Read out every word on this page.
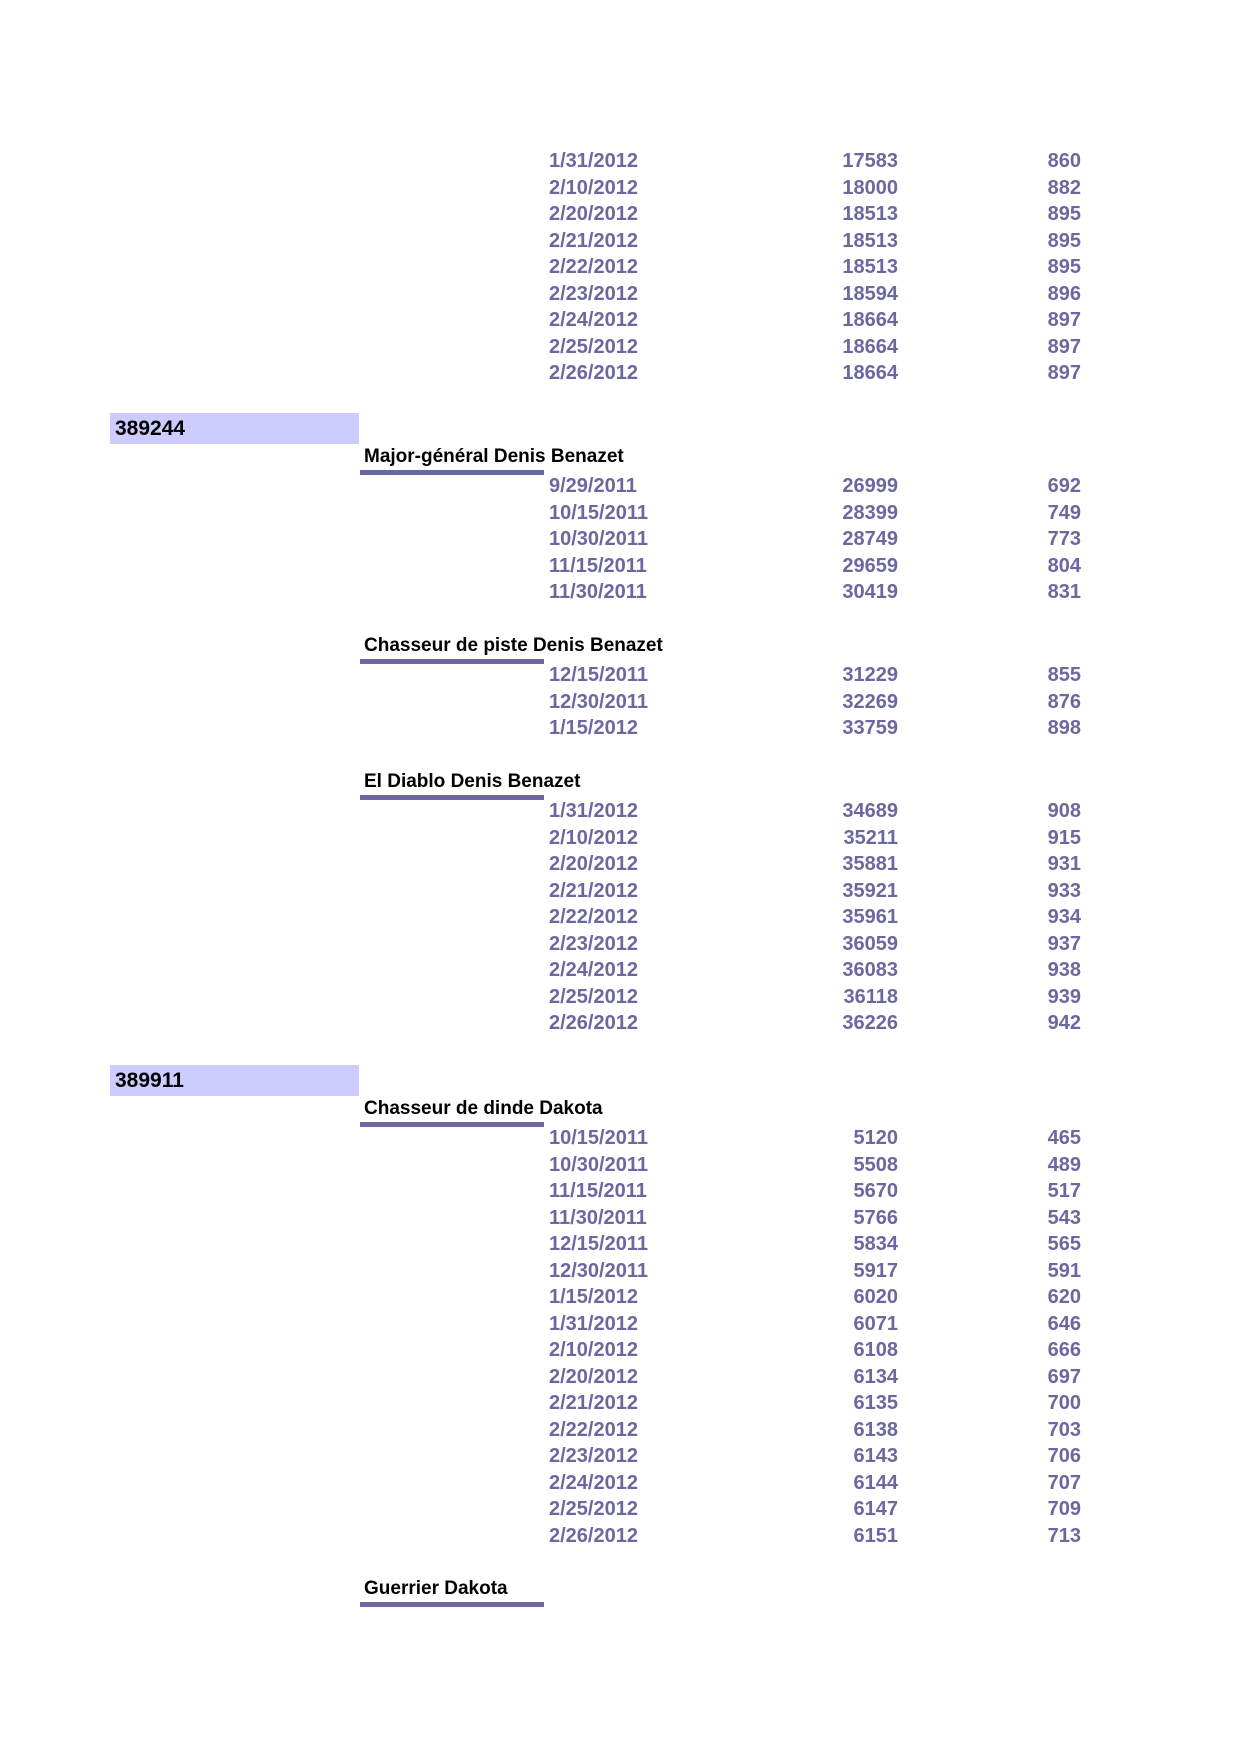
1/31/2012	17583	860
2/10/2012	18000	882
2/20/2012	18513	895
2/21/2012	18513	895
2/22/2012	18513	895
2/23/2012	18594	896
2/24/2012	18664	897
2/25/2012	18664	897
2/26/2012	18664	897
389244
Major-général Denis Benazet
9/29/2011	26999	692
10/15/2011	28399	749
10/30/2011	28749	773
11/15/2011	29659	804
11/30/2011	30419	831
Chasseur de piste Denis Benazet
12/15/2011	31229	855
12/30/2011	32269	876
1/15/2012	33759	898
El Diablo Denis Benazet
1/31/2012	34689	908
2/10/2012	35211	915
2/20/2012	35881	931
2/21/2012	35921	933
2/22/2012	35961	934
2/23/2012	36059	937
2/24/2012	36083	938
2/25/2012	36118	939
2/26/2012	36226	942
389911
Chasseur de dinde Dakota
10/15/2011	5120	465
10/30/2011	5508	489
11/15/2011	5670	517
11/30/2011	5766	543
12/15/2011	5834	565
12/30/2011	5917	591
1/15/2012	6020	620
1/31/2012	6071	646
2/10/2012	6108	666
2/20/2012	6134	697
2/21/2012	6135	700
2/22/2012	6138	703
2/23/2012	6143	706
2/24/2012	6144	707
2/25/2012	6147	709
2/26/2012	6151	713
Guerrier Dakota
